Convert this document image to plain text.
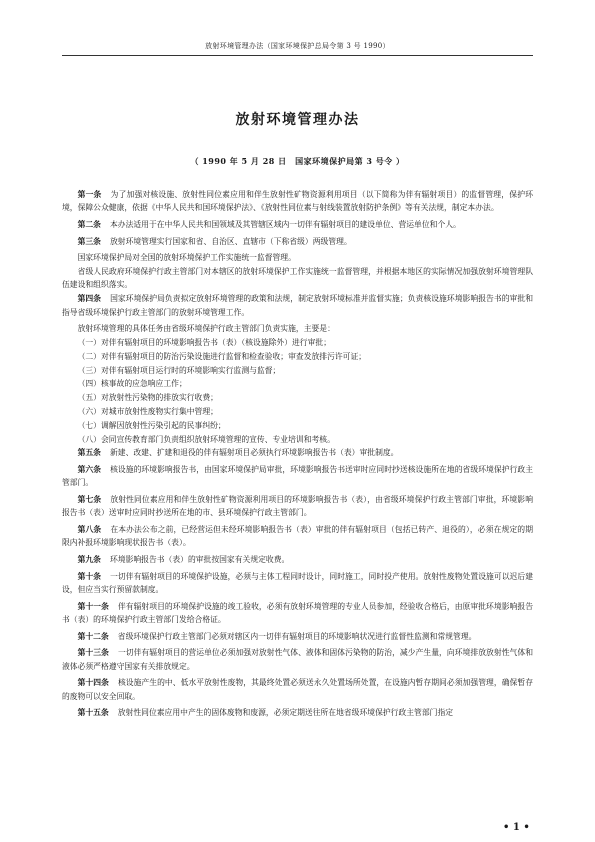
放射环境管理办法（国家环境保护总局令第 3 号 1990）
放射环境管理办法
（ 1990 年 5 月 28 日　国家环境保护局第 3 号令 ）

第一条 为了加强对核设施、放射性同位素应用和伴生放射性矿物资源利用项目（以下简称为伴有辐射项目）的监督管理，保护环境，保障公众健康，依据《中华人民共和国环境保护法》、《放射性同位素与射线装置放射防护条例》等有关法规，制定本办法。

第二条 本办法适用于在中华人民共和国领域及其管辖区域内一切伴有辐射项目的建设单位、营运单位和个人。

第三条 放射环境管理实行国家和省、自治区、直辖市（下称省级）两级管理。

国家环境保护局对全国的放射环境保护工作实施统一监督管理。

省级人民政府环境保护行政主管部门对本辖区的放射环境保护工作实施统一监督管理，并根据本地区的实际情况加强放射环境管理队伍建设和组织落实。

第四条 国家环境保护局负责拟定放射环境管理的政策和法规，制定放射环境标准并监督实施；负责核设施环境影响报告书的审批和指导省级环境保护行政主管部门的放射环境管理工作。

放射环境管理的具体任务由省级环境保护行政主管部门负责实施，主要是：

（一）对伴有辐射项目的环境影响报告书（表）（核设施除外）进行审批；

（二）对伴有辐射项目的防治污染设施进行监督和检查验收；审查发放排污许可证；

（三）对伴有辐射项目运行时的环境影响实行监测与监督；

（四）核事故的应急响应工作；

（五）对放射性污染物的排放实行收费；

（六）对城市放射性废物实行集中管理；

（七）调解因放射性污染引起的民事纠纷；

（八）会同宣传教育部门负责组织放射环境管理的宣传、专业培训和考核。

第五条 新建、改建、扩建和退役的伴有辐射项目必须执行环境影响报告书（表）审批制度。

第六条 核设施的环境影响报告书，由国家环境保护局审批，环境影响报告书送审时应同时抄送核设施所在地的省级环境保护行政主管部门。

第七条 放射性同位素应用和伴生放射性矿物资源利用项目的环境影响报告书（表），由省级环境保护行政主管部门审批，环境影响报告书（表）送审时应同时抄送所在地的市、县环境保护行政主管部门。

第八条 在本办法公布之前，已经营运但未经环境影响报告书（表）审批的伴有辐射项目（包括已转产、退役的），必须在规定的期限内补报环境影响现状报告书（表）。

第九条 环境影响报告书（表）的审批按国家有关规定收费。

第十条 一切伴有辐射项目的环境保护设施，必须与主体工程同时设计，同时施工，同时投产使用。放射性废物处置设施可以迟后建设，但应当实行预留款制度。

第十一条 伴有辐射项目的环境保护设施的竣工验收，必须有放射环境管理的专业人员参加，经验收合格后，由原审批环境影响报告书（表）的环境保护行政主管部门发给合格证。

第十二条 省级环境保护行政主管部门必须对辖区内一切伴有辐射项目的环境影响状况进行监督性监测和常规管理。

第十三条 一切伴有辐射项目的营运单位必须加强对放射性气体、液体和固体污染物的防治，减少产生量，向环境排放放射性气体和液体必须严格遵守国家有关排放规定。

第十四条 核设施产生的中、低水平放射性废物，其最终处置必须送永久处置场所处置，在设施内暂存期间必须加强管理，确保暂存的废物可以安全回取。

第十五条 放射性同位素应用中产生的固体废物和废源，必须定期送往所在地省级环境保护行政主管部门指定

• 1 •
